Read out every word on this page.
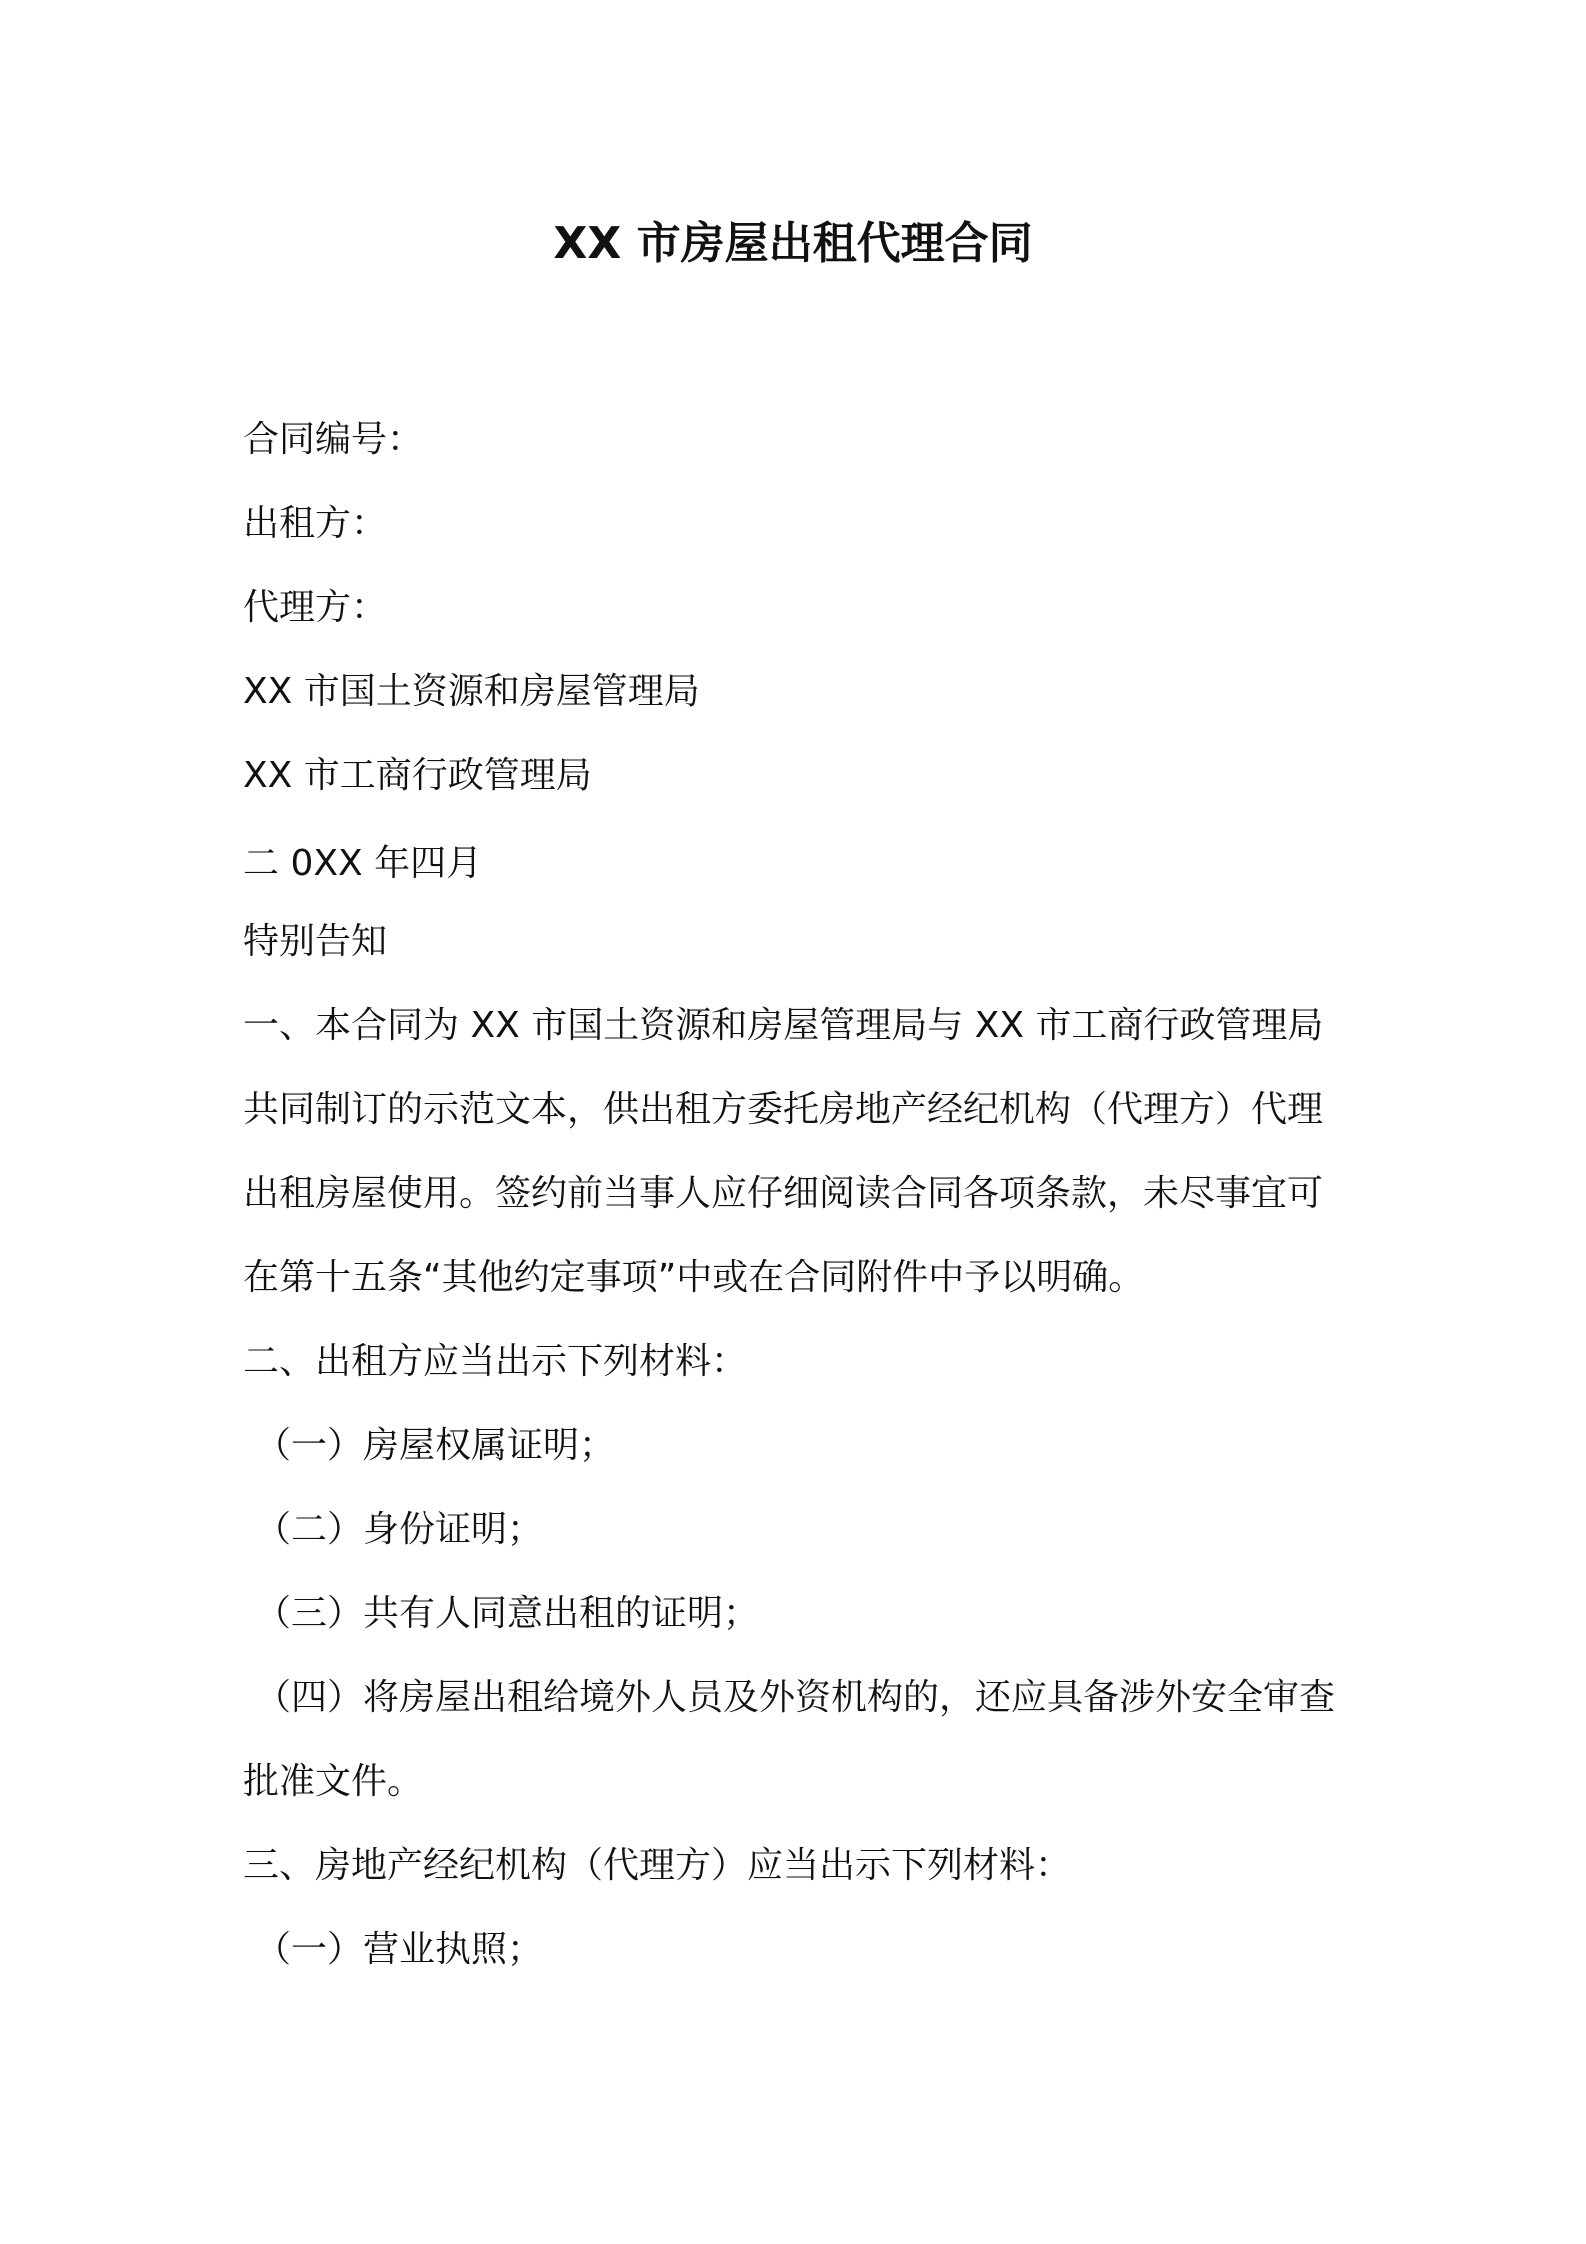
XX 市房屋出租代理合同
合同编号：
出租方：
代理方：
XX 市国土资源和房屋管理局
XX 市工商行政管理局
二 0XX 年四月
特别告知
一、本合同为 XX 市国土资源和房屋管理局与 XX 市工商行政管理局
共同制订的示范文本，供出租方委托房地产经纪机构（代理方）代理
出租房屋使用。签约前当事人应仔细阅读合同各项条款，未尽事宜可
在第十五条“其他约定事项”中或在合同附件中予以明确。
二、出租方应当出示下列材料：
（一）房屋权属证明；
（二）身份证明；
（三）共有人同意出租的证明；
（四）将房屋出租给境外人员及外资机构的，还应具备涉外安全审查
批准文件。
三、房地产经纪机构（代理方）应当出示下列材料：
（一）营业执照；
